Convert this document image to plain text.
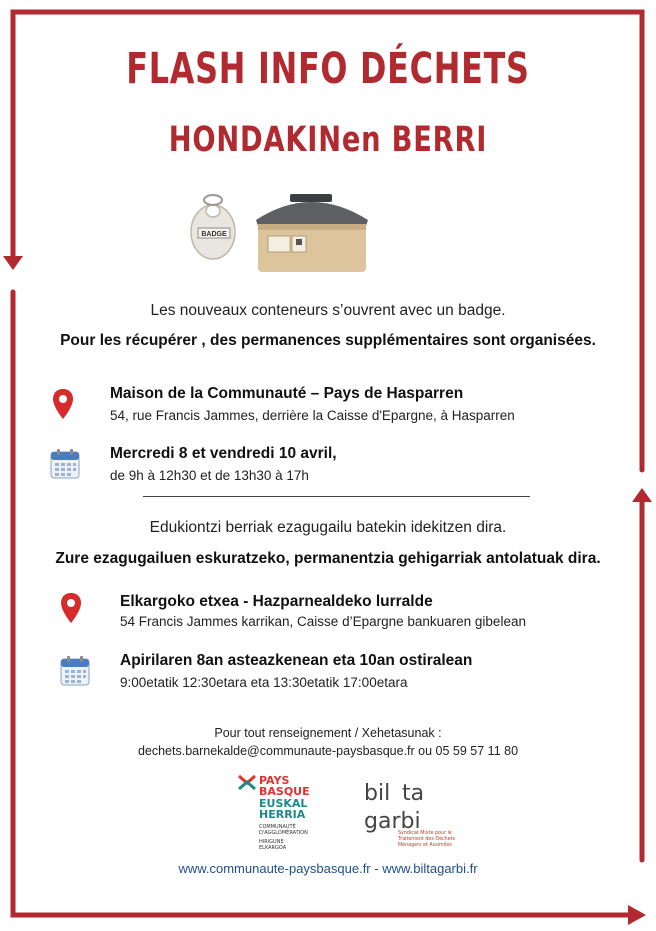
FLASH INFO DÉCHETS
HONDAKINen BERRI
BADGE
Les nouveaux conteneurs s’ouvrent avec un badge.
Pour les récupérer , des permanences supplémentaires sont organisées.
Maison de la Communauté – Pays de Hasparren
54, rue Francis Jammes, derrière la Caisse d'Epargne, à Hasparren
Mercredi 8 et vendredi 10 avril,
de 9h à 12h30 et de 13h30 à 17h
Edukiontzi berriak ezagugailu batekin idekitzen dira.
Zure ezagugailuen eskuratzeko, permanentzia gehigarriak antolatuak dira.
Elkargoko etxea - Hazparnealdeko lurralde
54 Francis Jammes karrikan, Caisse d’Epargne bankuaren gibelean
Apirilaren 8an asteazkenean eta 10an ostiralean
9:00etatik 12:30etara eta 13:30etatik 17:00etara
Pour tout renseignement / Xehetasunak :
dechets.barnekalde@communaute-paysbasque.fr ou 05 59 57 11 80
PAYS
BASQUE
EUSKAL
HERRIA
COMMUNAUTÉ
D'AGGLOMÉRATION
HIRIGUNE
ELKARGOA
bil ta
garbi
Syndicat Mixte pour le
Traitement des Déchets
Ménagers et Assimilés
www.communaute-paysbasque.fr - www.biltagarbi.fr
